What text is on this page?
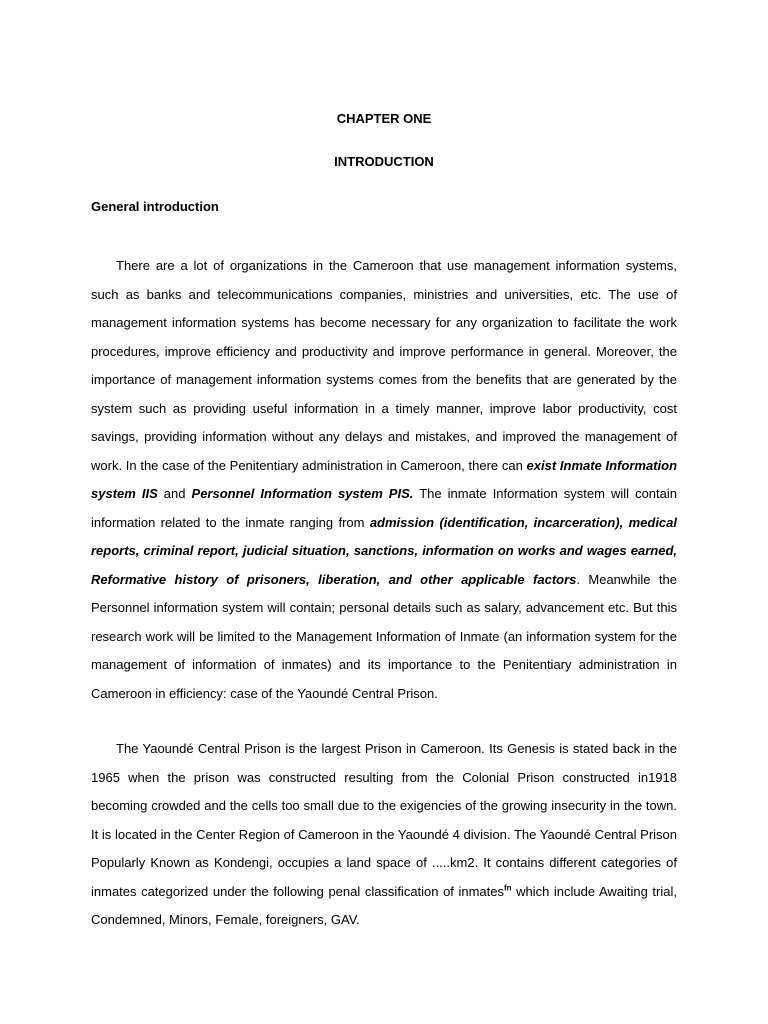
CHAPTER ONE

INTRODUCTION

General introduction

There are a lot of organizations in the Cameroon that use management information systems, such as banks and telecommunications companies, ministries and universities, etc. The use of management information systems has become necessary for any organization to facilitate the work procedures, improve efficiency and productivity and improve performance in general. Moreover, the importance of management information systems comes from the benefits that are generated by the system such as providing useful information in a timely manner, improve labor productivity, cost savings, providing information without any delays and mistakes, and improved the management of work. In the case of the Penitentiary administration in Cameroon, there can exist Inmate Information system IIS and Personnel Information system PIS. The inmate Information system will contain information related to the inmate ranging from admission (identification, incarceration), medical reports, criminal report, judicial situation, sanctions, information on works and wages earned, Reformative history of prisoners, liberation, and other applicable factors. Meanwhile the Personnel information system will contain; personal details such as salary, advancement etc. But this research work will be limited to the Management Information of Inmate (an information system for the management of information of inmates) and its importance to the Penitentiary administration in Cameroon in efficiency: case of the Yaoundé Central Prison.

The Yaoundé Central Prison is the largest Prison in Cameroon. Its Genesis is stated back in the 1965 when the prison was constructed resulting from the Colonial Prison constructed in1918 becoming crowded and the cells too small due to the exigencies of the growing insecurity in the town. It is located in the Center Region of Cameroon in the Yaoundé 4 division. The Yaoundé Central Prison Popularly Known as Kondengi, occupies a land space of .....km2. It contains different categories of inmates categorized under the following penal classification of inmates$^{fn}$ which include Awaiting trial, Condemned, Minors, Female, foreigners, GAV.
